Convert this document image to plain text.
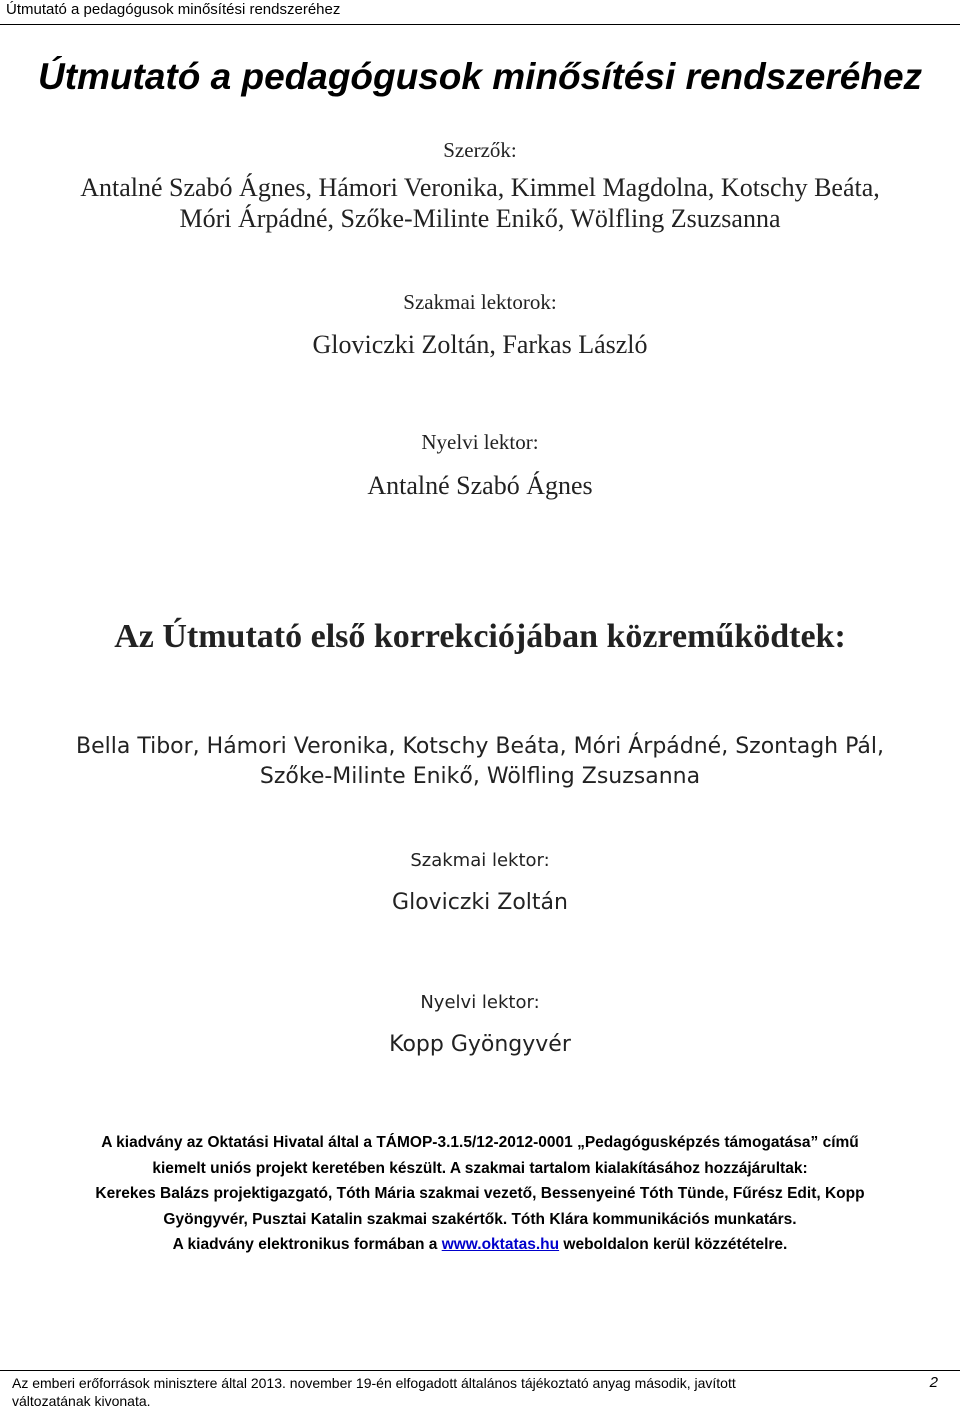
Útmutató a pedagógusok minősítési rendszeréhez
Útmutató a pedagógusok minősítési rendszeréhez
Szerzők:
Antalné Szabó Ágnes, Hámori Veronika, Kimmel Magdolna, Kotschy Beáta,
Móri Árpádné, Szőke-Milinte Enikő, Wölfling Zsuzsanna
Szakmai lektorok:
Gloviczki Zoltán, Farkas László
Nyelvi lektor:
Antalné Szabó Ágnes
Az Útmutató első korrekciójában közreműködtek:
Bella Tibor, Hámori Veronika, Kotschy Beáta, Móri Árpádné, Szontagh Pál,
Szőke-Milinte Enikő, Wölfling Zsuzsanna
Szakmai lektor:
Gloviczki Zoltán
Nyelvi lektor:
Kopp Gyöngyvér
A kiadvány az Oktatási Hivatal által a TÁMOP-3.1.5/12-2012-0001 „Pedagógusképzés támogatása” című
kiemelt uniós projekt keretében készült. A szakmai tartalom kialakításához hozzájárultak:
Kerekes Balázs projektigazgató, Tóth Mária szakmai vezető, Bessenyeiné Tóth Tünde, Fűrész Edit, Kopp
Gyöngyvér, Pusztai Katalin szakmai szakértők. Tóth Klára kommunikációs munkatárs.
A kiadvány elektronikus formában a www.oktatas.hu weboldalon kerül közzétételre.
Az emberi erőforrások minisztere által 2013. november 19-én elfogadott általános tájékoztató anyag második, javított
változatának kivonata.
2
